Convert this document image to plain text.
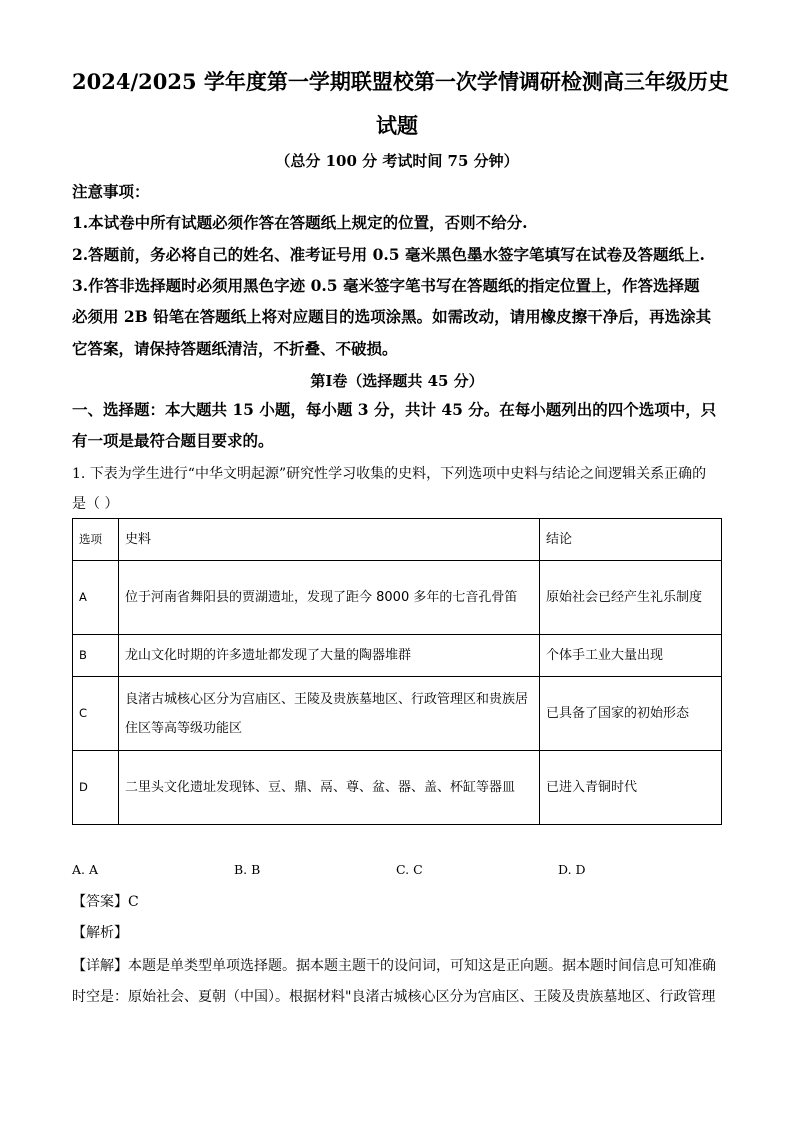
2024/2025 学年度第一学期联盟校第一次学情调研检测高三年级历史
试题
（总分 100 分 考试时间 75 分钟）
注意事项：
1.本试卷中所有试题必须作答在答题纸上规定的位置，否则不给分.
2.答题前，务必将自己的姓名、准考证号用 0.5 毫米黑色墨水签字笔填写在试卷及答题纸上.
3.作答非选择题时必须用黑色字迹 0.5 毫米签字笔书写在答题纸的指定位置上，作答选择题
必须用 2B 铅笔在答题纸上将对应题目的选项涂黑。如需改动，请用橡皮擦干净后，再选涂其
它答案，请保持答题纸清洁，不折叠、不破损。
第Ⅰ卷（选择题共 45 分）
一、选择题：本大题共 15 小题，每小题 3 分，共计 45 分。在每小题列出的四个选项中，只
有一项是最符合题目要求的。
1. 下表为学生进行“中华文明起源”研究性学习收集的史料，下列选项中史料与结论之间逻辑关系正确的
是（ ）
选项	史料	结论
A	位于河南省舞阳县的贾湖遗址，发现了距今 8000 多年的七音孔骨笛	原始社会已经产生礼乐制度
B	龙山文化时期的许多遗址都发现了大量的陶器堆群	个体手工业大量出现
C	良渚古城核心区分为宫庙区、王陵及贵族墓地区、行政管理区和贵族居住区等高等级功能区	已具备了国家的初始形态
D	二里头文化遗址发现钵、豆、鼎、鬲、尊、盆、器、盖、杯缸等器皿	已进入青铜时代
A. A	B. B	C. C	D. D
【答案】C
【解析】
【详解】本题是单类型单项选择题。据本题主题干的设问词，可知这是正向题。据本题时间信息可知准确
时空是：原始社会、夏朝（中国）。根据材料"良渚古城核心区分为宫庙区、王陵及贵族墓地区、行政管理
